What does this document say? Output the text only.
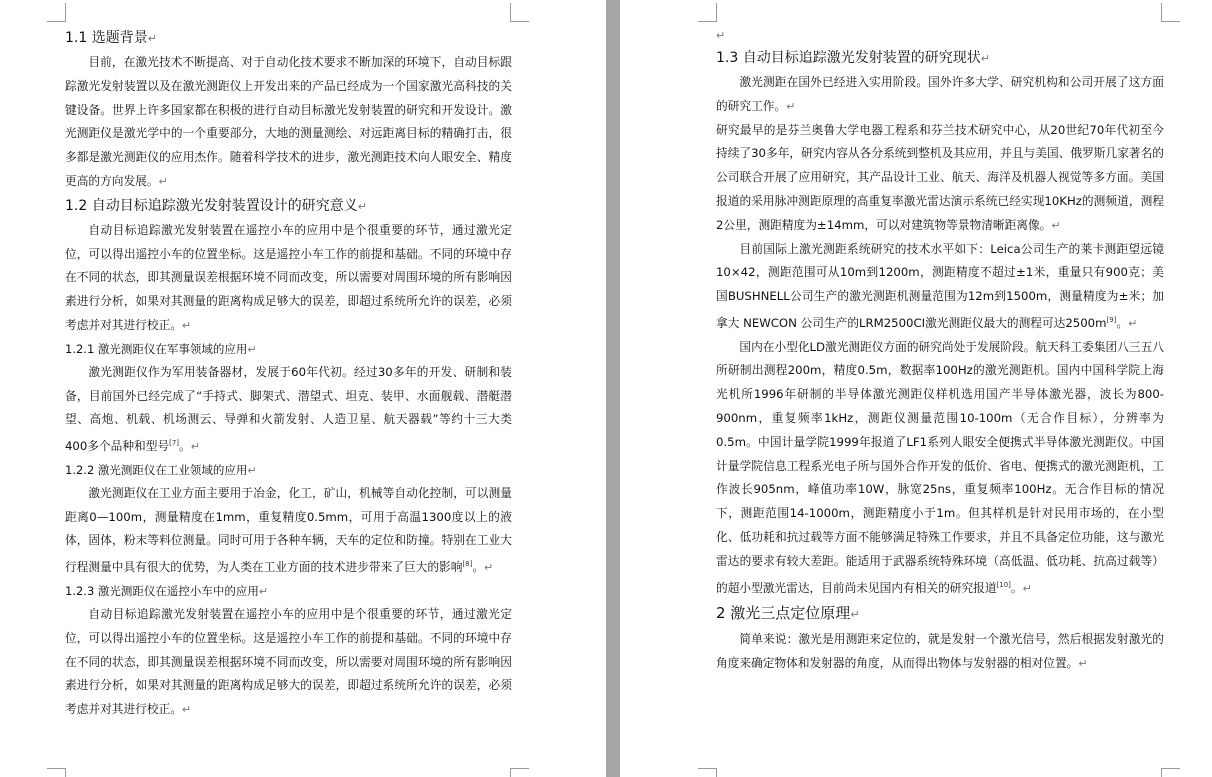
1.1 选题背景↵

目前，在激光技术不断提高、对于自动化技术要求不断加深的环境下，自动目标跟踪激光发射装置以及在激光测距仪上开发出来的产品已经成为一个国家激光高科技的关键设备。世界上许多国家都在积极的进行自动目标激光发射装置的研究和开发设计。激光测距仪是激光学中的一个重要部分，大地的测量测绘、对远距离目标的精确打击，很多都是激光测距仪的应用杰作。随着科学技术的进步，激光测距技术向人眼安全、精度更高的方向发展。↵

1.2 自动目标追踪激光发射装置设计的研究意义↵

自动目标追踪激光发射装置在遥控小车的应用中是个很重要的环节，通过激光定位，可以得出遥控小车的位置坐标。这是遥控小车工作的前提和基础。不同的环境中存在不同的状态，即其测量误差根据环境不同而改变，所以需要对周围环境的所有影响因素进行分析，如果对其测量的距离构成足够大的误差，即超过系统所允许的误差，必须考虑并对其进行校正。↵

1.2.1 激光测距仪在军事领域的应用↵

激光测距仪作为军用装备器材，发展于60年代初。经过30多年的开发、研制和装备，目前国外已经完成了“手持式、脚架式、潜望式、坦克、装甲、水面舰载、潜艇潜望、高炮、机载、机场测云、导弹和火箭发射、人造卫星、航天器载”等约十三大类400多个品种和型号[7]。↵

1.2.2 激光测距仪在工业领域的应用↵

激光测距仪在工业方面主要用于冶金，化工，矿山，机械等自动化控制，可以测量距离0—100m，测量精度在1mm，重复精度0.5mm，可用于高温1300度以上的液体，固体，粉末等料位测量。同时可用于各种车辆，天车的定位和防撞。特别在工业大行程测量中具有很大的优势，为人类在工业方面的技术进步带来了巨大的影响[8]。↵

1.2.3 激光测距仪在遥控小车中的应用↵

自动目标追踪激光发射装置在遥控小车的应用中是个很重要的环节，通过激光定位，可以得出遥控小车的位置坐标。这是遥控小车工作的前提和基础。不同的环境中存在不同的状态，即其测量误差根据环境不同而改变，所以需要对周围环境的所有影响因素进行分析，如果对其测量的距离构成足够大的误差，即超过系统所允许的误差，必须考虑并对其进行校正。↵

↵

1.3 自动目标追踪激光发射装置的研究现状↵

激光测距在国外已经进入实用阶段。国外许多大学、研究机构和公司开展了这方面的研究工作。↵

研究最早的是芬兰奥鲁大学电器工程系和芬兰技术研究中心，从20世纪70年代初至今持续了30多年，研究内容从各分系统到整机及其应用，并且与美国、俄罗斯几家著名的公司联合开展了应用研究，其产品设计工业、航天、海洋及机器人视觉等多方面。美国报道的采用脉冲测距原理的高重复率激光雷达演示系统已经实现10KHz的测频道，测程2公里，测距精度为±14mm，可以对建筑物等景物清晰距离像。↵

目前国际上激光测距系统研究的技术水平如下：Leica公司生产的莱卡测距望远镜10×42，测距范围可从10m到1200m，测距精度不超过±1米，重量只有900克；美国BUSHNELL公司生产的激光测距机测量范围为12m到1500m，测量精度为±米；加拿大 NEWCON 公司生产的LRM2500CI激光测距仪最大的测程可达2500m[9]。↵

国内在小型化LD激光测距仪方面的研究尚处于发展阶段。航天科工委集团八三五八所研制出测程200m，精度0.5m，数据率100Hz的激光测距机。国内中国科学院上海光机所1996年研制的半导体激光测距仪样机选用国产半导体激光器，波长为800-900nm，重复频率1kHz，测距仪测量范围10-100m（无合作目标），分辨率为0.5m。中国计量学院1999年报道了LF1系列人眼安全便携式半导体激光测距仪。中国计量学院信息工程系光电子所与国外合作开发的低价、省电、便携式的激光测距机，工作波长905nm，峰值功率10W，脉宽25ns，重复频率100Hz。无合作目标的情况下，测距范围14-1000m，测距精度小于1m。但其样机是针对民用市场的，在小型化、低功耗和抗过载等方面不能够满足特殊工作要求，并且不具备定位功能，这与激光雷达的要求有较大差距。能适用于武器系统特殊环境（高低温、低功耗、抗高过载等）的超小型激光雷达，目前尚未见国内有相关的研究报道[10]。↵

2 激光三点定位原理↵

简单来说：激光是用测距来定位的，就是发射一个激光信号，然后根据发射激光的角度来确定物体和发射器的角度，从而得出物体与发射器的相对位置。↵
